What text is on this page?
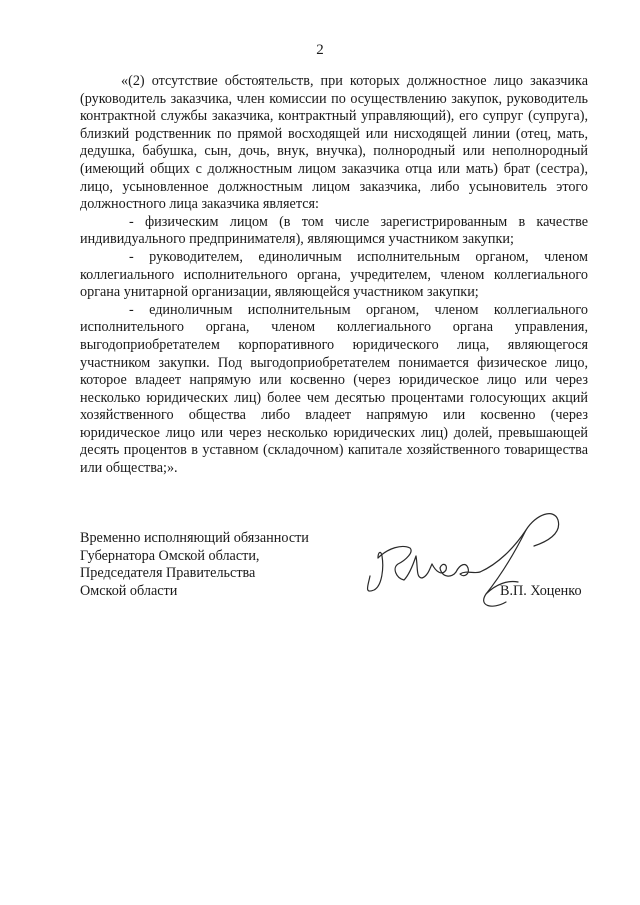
2

«(2) отсутствие обстоятельств, при которых должностное лицо заказчика (руководитель заказчика, член комиссии по осуществлению закупок, руководитель контрактной службы заказчика, контрактный управляющий), его супруг (супруга), близкий родственник по прямой восходящей или нисходящей линии (отец, мать, дедушка, бабушка, сын, дочь, внук, внучка), полнородный или неполнородный (имеющий общих с должностным лицом заказчика отца или мать) брат (сестра), лицо, усыновленное должностным лицом заказчика, либо усыновитель этого должностного лица заказчика является:

- физическим лицом (в том числе зарегистрированным в качестве индивидуального предпринимателя), являющимся участником закупки;

- руководителем, единоличным исполнительным органом, членом коллегиального исполнительного органа, учредителем, членом коллегиального органа унитарной организации, являющейся участником закупки;

- единоличным исполнительным органом, членом коллегиального исполнительного органа, членом коллегиального органа управления, выгодоприобретателем корпоративного юридического лица, являющегося участником закупки. Под выгодоприобретателем понимается физическое лицо, которое владеет напрямую или косвенно (через юридическое лицо или через несколько юридических лиц) более чем десятью процентами голосующих акций хозяйственного общества либо владеет напрямую или косвенно (через юридическое лицо или через несколько юридических лиц) долей, превышающей десять процентов в уставном (складочном) капитале хозяйственного товарищества или общества;».

Временно исполняющий обязанности
Губернатора Омской области,
Председателя Правительства
Омской области	В.П. Хоценко
